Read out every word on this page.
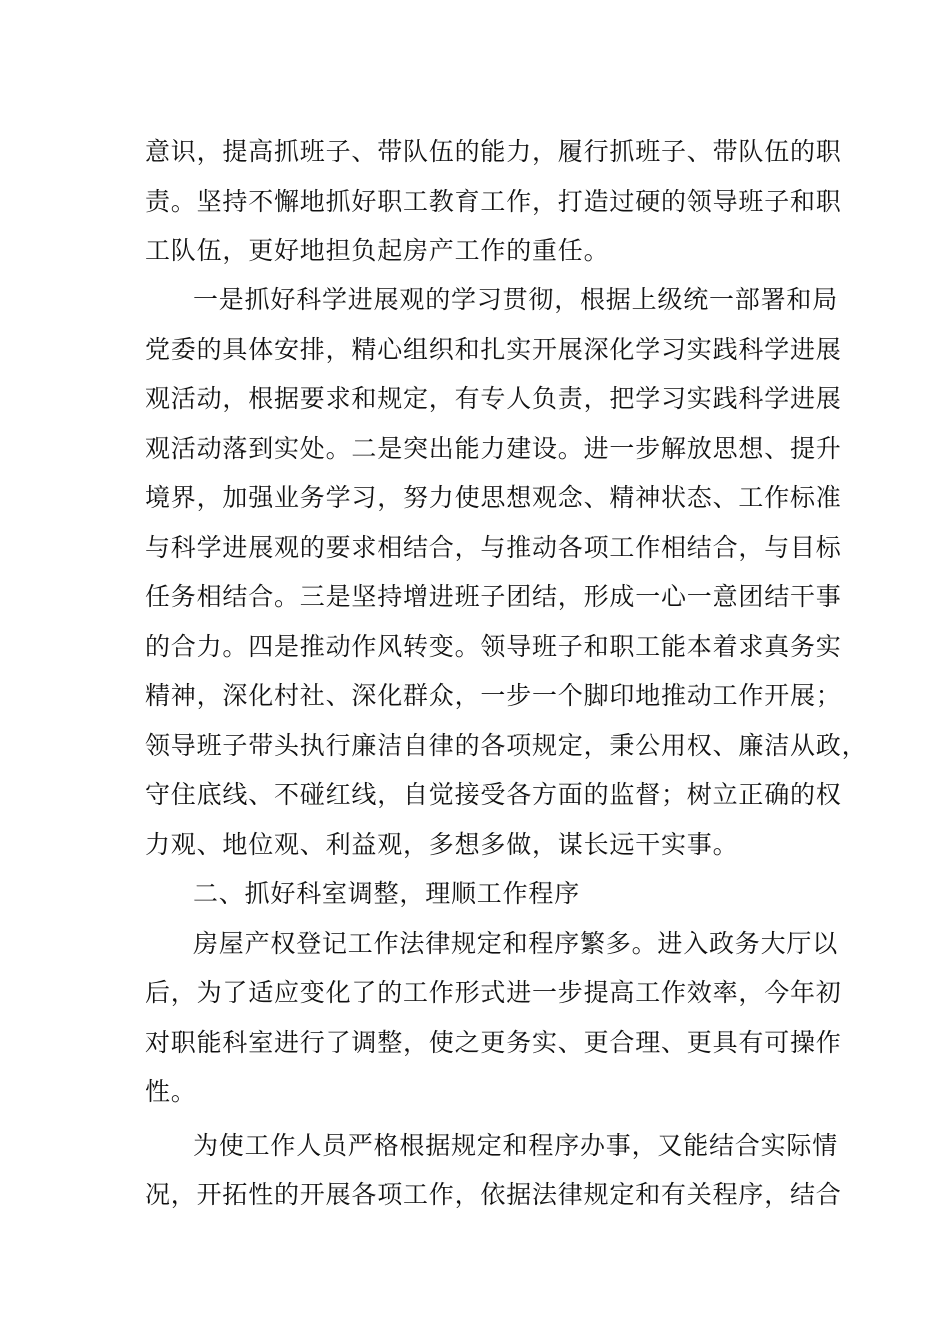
意识，提高抓班子、带队伍的能力，履行抓班子、带队伍的职
责。坚持不懈地抓好职工教育工作，打造过硬的领导班子和职
工队伍，更好地担负起房产工作的重任。
一是抓好科学进展观的学习贯彻，根据上级统一部署和局
党委的具体安排，精心组织和扎实开展深化学习实践科学进展
观活动，根据要求和规定，有专人负责，把学习实践科学进展
观活动落到实处。二是突出能力建设。进一步解放思想、提升
境界，加强业务学习，努力使思想观念、精神状态、工作标准
与科学进展观的要求相结合，与推动各项工作相结合，与目标
任务相结合。三是坚持增进班子团结，形成一心一意团结干事
的合力。四是推动作风转变。领导班子和职工能本着求真务实
精神，深化村社、深化群众，一步一个脚印地推动工作开展；
领导班子带头执行廉洁自律的各项规定，秉公用权、廉洁从政，
守住底线、不碰红线，自觉接受各方面的监督；树立正确的权
力观、地位观、利益观，多想多做，谋长远干实事。
二、抓好科室调整，理顺工作程序
房屋产权登记工作法律规定和程序繁多。进入政务大厅以
后，为了适应变化了的工作形式进一步提高工作效率，今年初
对职能科室进行了调整，使之更务实、更合理、更具有可操作
性。
为使工作人员严格根据规定和程序办事，又能结合实际情
况，开拓性的开展各项工作，依据法律规定和有关程序，结合
